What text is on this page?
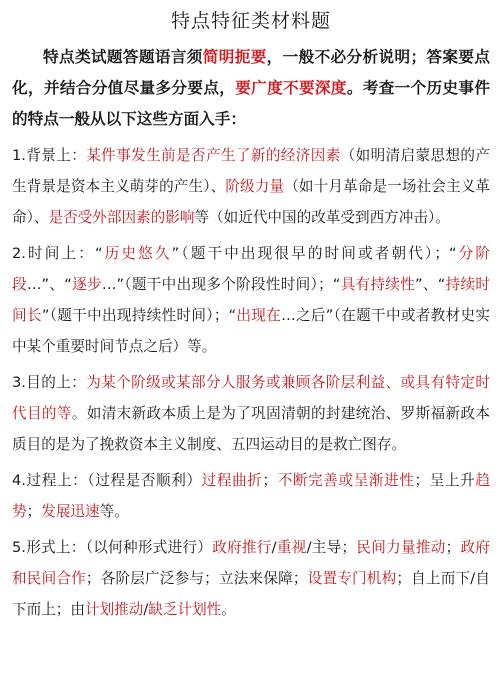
特点特征类材料题
特点类试题答题语言须简明扼要，一般不必分析说明；答案要点化，并结合分值尽量多分要点，要广度不要深度。考查一个历史事件的特点一般从以下这些方面入手：
1.背景上：某件事发生前是否产生了新的经济因素（如明清启蒙思想的产生背景是资本主义萌芽的产生）、阶级力量（如十月革命是一场社会主义革命）、是否受外部因素的影响等（如近代中国的改革受到西方冲击）。
2.时间上：“历史悠久”（题干中出现很早的时间或者朝代）；“分阶段…”、“逐步…”（题干中出现多个阶段性时间）；“具有持续性”、“持续时间长”（题干中出现持续性时间）；“出现在…之后”（在题干中或者教材史实中某个重要时间节点之后）等。
3.目的上：为某个阶级或某部分人服务或兼顾各阶层利益、或具有特定时代目的等。如清末新政本质上是为了巩固清朝的封建统治、罗斯福新政本质目的是为了挽救资本主义制度、五四运动目的是救亡图存。
4.过程上：（过程是否顺利）过程曲折；不断完善或呈渐进性；呈上升趋势；发展迅速等。
5.形式上：（以何种形式进行）政府推行/重视/主导；民间力量推动；政府和民间合作；各阶层广泛参与；立法来保障；设置专门机构；自上而下/自下而上；由计划推动/缺乏计划性。
